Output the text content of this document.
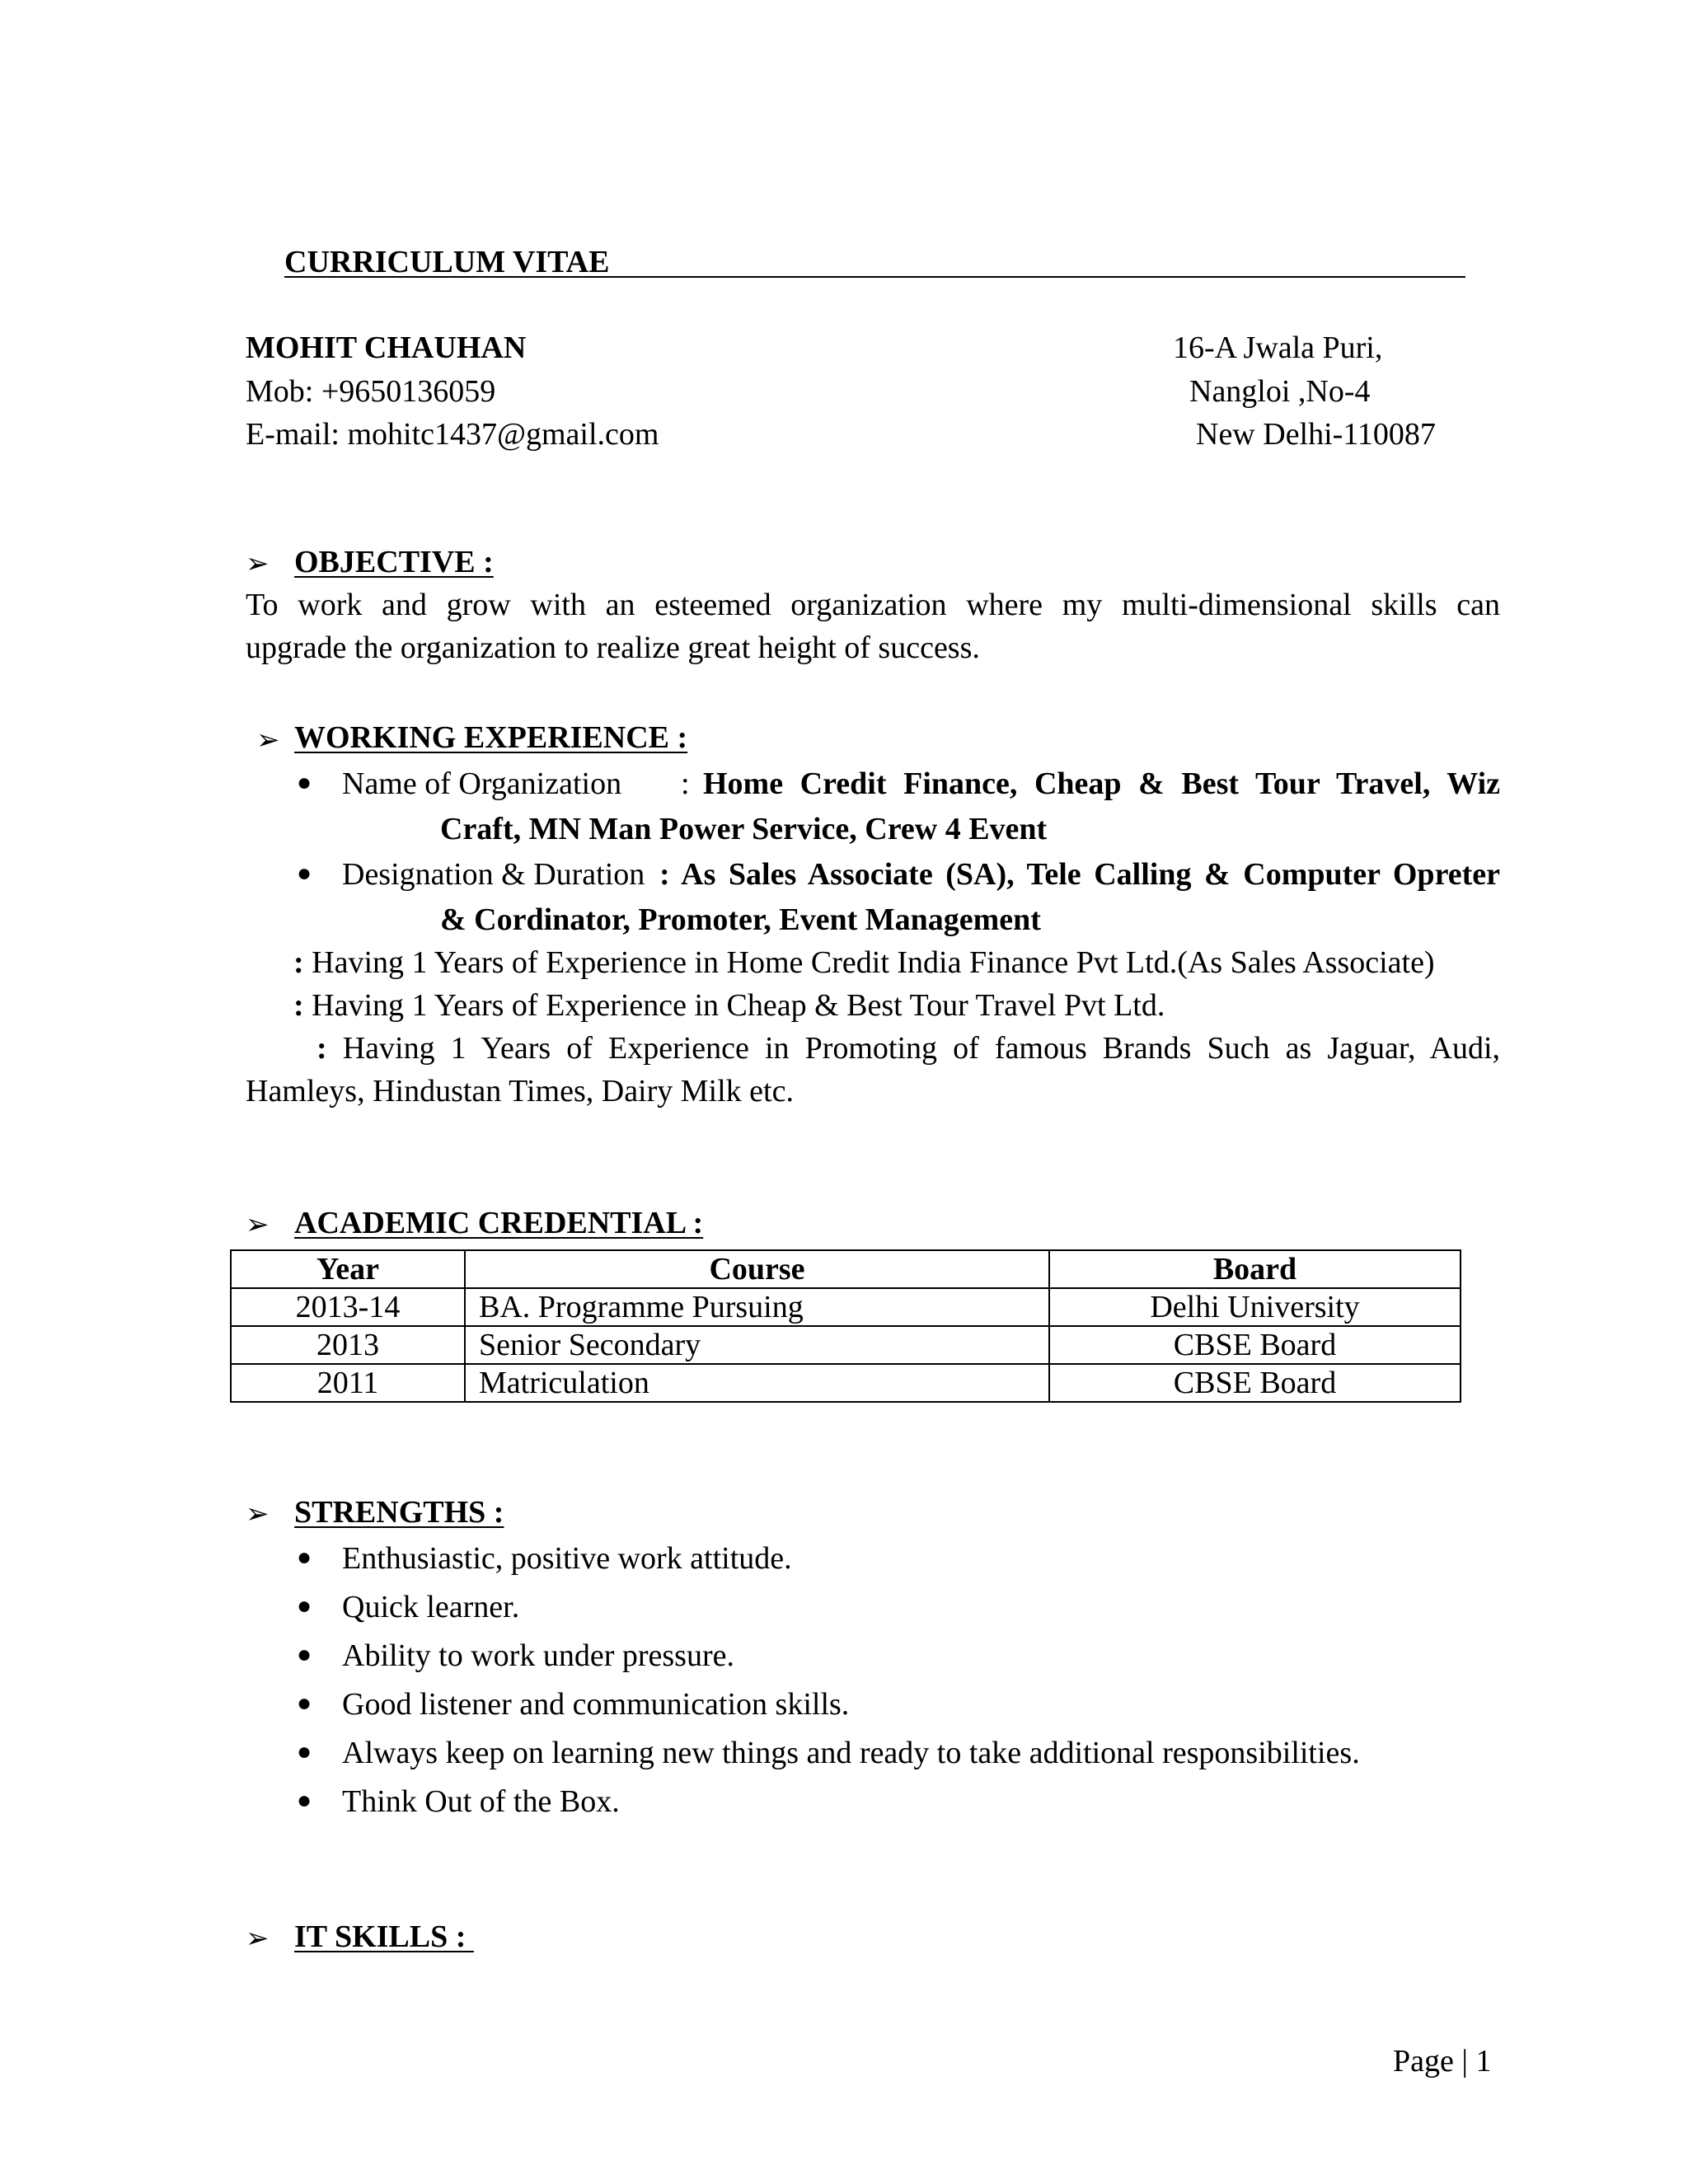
CURRICULUM VITAE
MOHIT CHAUHAN
Mob: +9650136059
E-mail: mohitc1437@gmail.com
16-A Jwala Puri,
Nangloi ,No-4
New Delhi-110087
➢ OBJECTIVE :
To work and grow with an esteemed organization where my multi-dimensional skills can
upgrade the organization to realize great height of success.
➢ WORKING EXPERIENCE :
● Name of Organization : Home Credit Finance, Cheap & Best Tour Travel, Wiz
Craft, MN Man Power Service, Crew 4 Event
● Designation & Duration : As Sales Associate (SA), Tele Calling & Computer Opreter
& Cordinator, Promoter, Event Management
: Having 1 Years of Experience in Home Credit India Finance Pvt Ltd.(As Sales Associate)
: Having 1 Years of Experience in Cheap & Best Tour Travel Pvt Ltd.
: Having 1 Years of Experience in Promoting of famous Brands Such as Jaguar, Audi,
Hamleys, Hindustan Times, Dairy Milk etc.
➢ ACADEMIC CREDENTIAL :
Year	Course	Board
2013-14	BA. Programme Pursuing	Delhi University
2013	Senior Secondary	CBSE Board
2011	Matriculation	CBSE Board
➢ STRENGTHS :
● Enthusiastic, positive work attitude.
● Quick learner.
● Ability to work under pressure.
● Good listener and communication skills.
● Always keep on learning new things and ready to take additional responsibilities.
● Think Out of the Box.
➢ IT SKILLS :
Page | 1
